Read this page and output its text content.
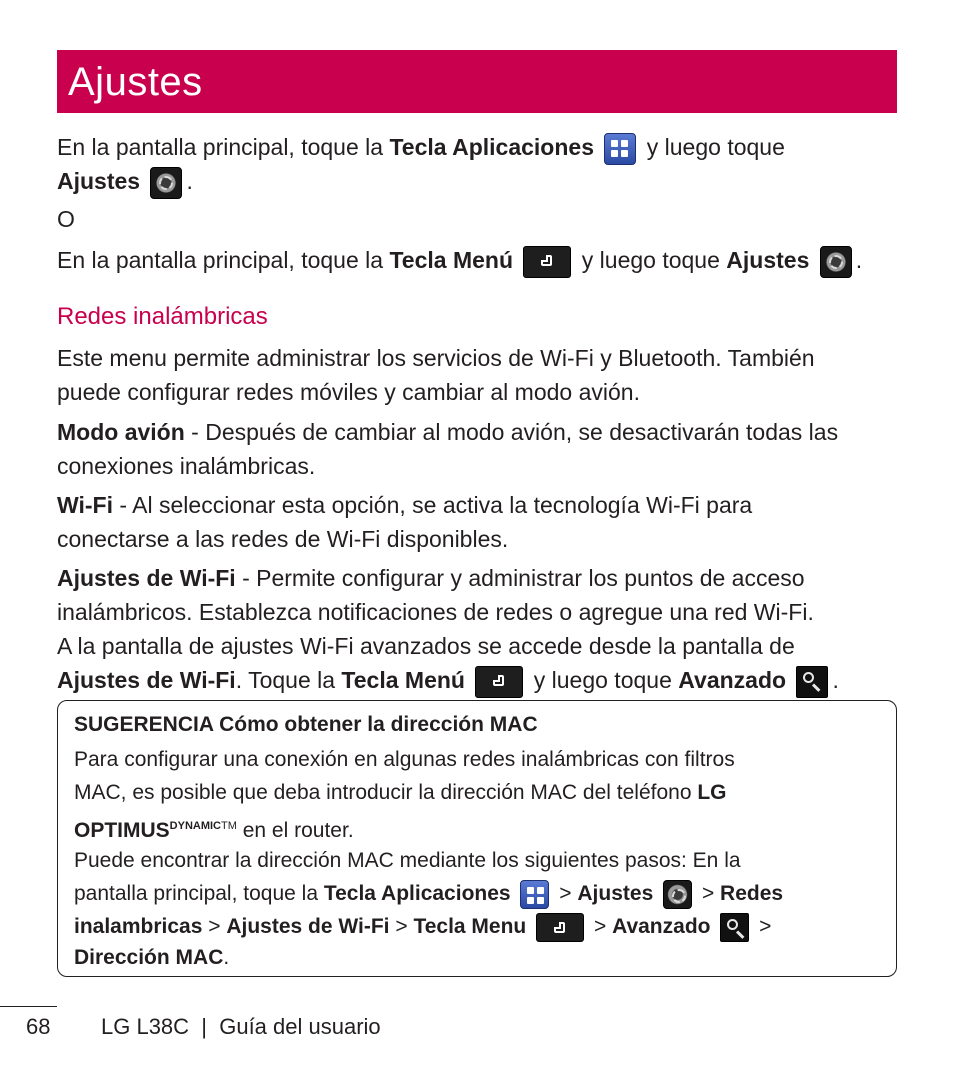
Ajustes
En la pantalla principal, toque la Tecla Aplicaciones  y luego toque
Ajustes .
O
En la pantalla principal, toque la Tecla Menú	y luego toque Ajustes .
Redes inalámbricas
Este menu permite administrar los servicios de Wi-Fi y Bluetooth. También
puede configurar redes móviles y cambiar al modo avión.
Modo avión - Después de cambiar al modo avión, se desactivarán todas las
conexiones inalámbricas.
Wi-Fi - Al seleccionar esta opción, se activa la tecnología Wi-Fi para
conectarse a las redes de Wi-Fi disponibles.
Ajustes de Wi-Fi - Permite configurar y administrar los puntos de acceso
inalámbricos. Establezca notificaciones de redes o agregue una red Wi-Fi.
A la pantalla de ajustes Wi-Fi avanzados se accede desde la pantalla de
Ajustes de Wi-Fi. Toque la Tecla Menú	y luego toque Avanzado .
SUGERENCIA Cómo obtener la dirección MAC
Para configurar una conexión en algunas redes inalámbricas con filtros
MAC, es posible que deba introducir la dirección MAC del teléfono LG
$OPTIMUS^{DYNAMICTM}$ en el router.
Puede encontrar la dirección MAC mediante los siguientes pasos: En la
pantalla principal, toque la Tecla Aplicaciones  > Ajustes  > Redes
inalambricas > Ajustes de Wi-Fi > Tecla Menu	> Avanzado  >
Dirección MAC.
68 LG L38C  |  Guía del usuario
